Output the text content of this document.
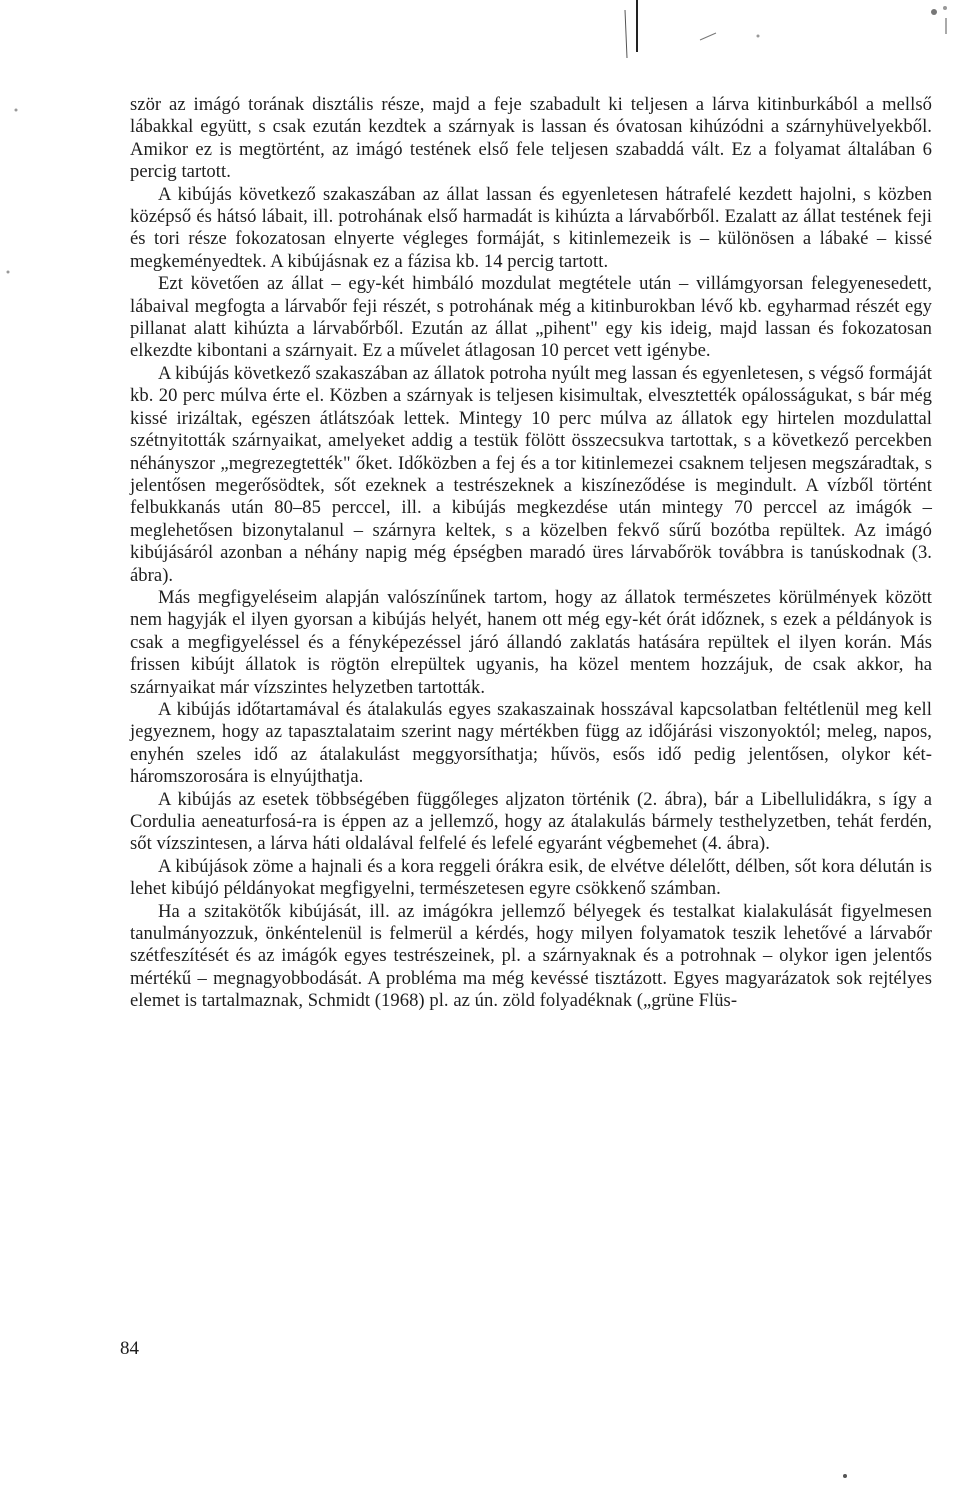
ször az imágó torának disztális része, majd a feje szabadult ki teljesen a lárva kitinburkából a mellső lábakkal együtt, s csak ezután kezdtek a szárnyak is lassan és óvatosan kihúzódni a szárnyhüvelyekből. Amikor ez is megtörtént, az imágó testének első fele teljesen szabaddá vált. Ez a folyamat általában 6 percig tartott.

A kibújás következő szakaszában az állat lassan és egyenletesen hátrafelé kezdett hajolni, s közben középső és hátsó lábait, ill. potrohának első harmadát is kihúzta a lárvabőrből. Ezalatt az állat testének feji és tori része fokozatosan elnyerte végleges formáját, s kitinlemezeik is – különösen a lábaké – kissé megkeményedtek. A kibújásnak ez a fázisa kb. 14 percig tartott.

Ezt követően az állat – egy-két himbáló mozdulat megtétele után – villámgyorsan felegyenesedett, lábaival megfogta a lárvabőr feji részét, s potrohának még a kitinburokban lévő kb. egyharmad részét egy pillanat alatt kihúzta a lárvabőrből. Ezután az állat „pihent" egy kis ideig, majd lassan és fokozatosan elkezdte kibontani a szárnyait. Ez a művelet átlagosan 10 percet vett igénybe.

A kibújás következő szakaszában az állatok potroha nyúlt meg lassan és egyenletesen, s végső formáját kb. 20 perc múlva érte el. Közben a szárnyak is teljesen kisimultak, elvesztették opálosságukat, s bár még kissé irizáltak, egészen átlátszóak lettek. Mintegy 10 perc múlva az állatok egy hirtelen mozdulattal szétnyitották szárnyaikat, amelyeket addig a testük fölött összecsukva tartottak, s a következő percekben néhányszor „megrezegtették" őket. Időközben a fej és a tor kitinlemezei csaknem teljesen megszáradtak, s jelentősen megerősödtek, sőt ezeknek a testrészeknek a kiszíneződése is megindult. A vízből történt felbukkanás után 80–85 perccel, ill. a kibújás megkezdése után mintegy 70 perccel az imágók – meglehetősen bizonytalanul – szárnyra keltek, s a közelben fekvő sűrű bozótba repültek. Az imágó kibújásáról azonban a néhány napig még épségben maradó üres lárvabőrök továbbra is tanúskodnak (3. ábra).

Más megfigyeléseim alapján valószínűnek tartom, hogy az állatok természetes körülmények között nem hagyják el ilyen gyorsan a kibújás helyét, hanem ott még egy-két órát időznek, s ezek a példányok is csak a megfigyeléssel és a fényképezéssel járó állandó zaklatás hatására repültek el ilyen korán. Más frissen kibújt állatok is rögtön elrepültek ugyanis, ha közel mentem hozzájuk, de csak akkor, ha szárnyaikat már vízszintes helyzetben tartották.

A kibújás időtartamával és átalakulás egyes szakaszainak hosszával kapcsolatban feltétlenül meg kell jegyeznem, hogy az tapasztalataim szerint nagy mértékben függ az időjárási viszonyoktól; meleg, napos, enyhén szeles idő az átalakulást meggyorsíthatja; hűvös, esős idő pedig jelentősen, olykor két-háromszorosára is elnyújthatja.

A kibújás az esetek többségében függőleges aljzaton történik (2. ábra), bár a Libellulidákra, s így a Cordulia aeneaturfosá-ra is éppen az a jellemző, hogy az átalakulás bármely testhelyzetben, tehát ferdén, sőt vízszintesen, a lárva háti oldalával felfelé és lefelé egyaránt végbemehet (4. ábra).

A kibújások zöme a hajnali és a kora reggeli órákra esik, de elvétve délelőtt, délben, sőt kora délután is lehet kibújó példányokat megfigyelni, természetesen egyre csökkenő számban.

Ha a szitakötők kibújását, ill. az imágókra jellemző bélyegek és testalkat kialakulását figyelmesen tanulmányozzuk, önkéntelenül is felmerül a kérdés, hogy milyen folyamatok teszik lehetővé a lárvabőr szétfeszítését és az imágók egyes testrészeinek, pl. a szárnyaknak és a potrohnak – olykor igen jelentős mértékű – megnagyobbodását. A probléma ma még kevéssé tisztázott. Egyes magyarázatok sok rejtélyes elemet is tartalmaznak, Schmidt (1968) pl. az ún. zöld folyadéknak („grüne Flüs-

84
